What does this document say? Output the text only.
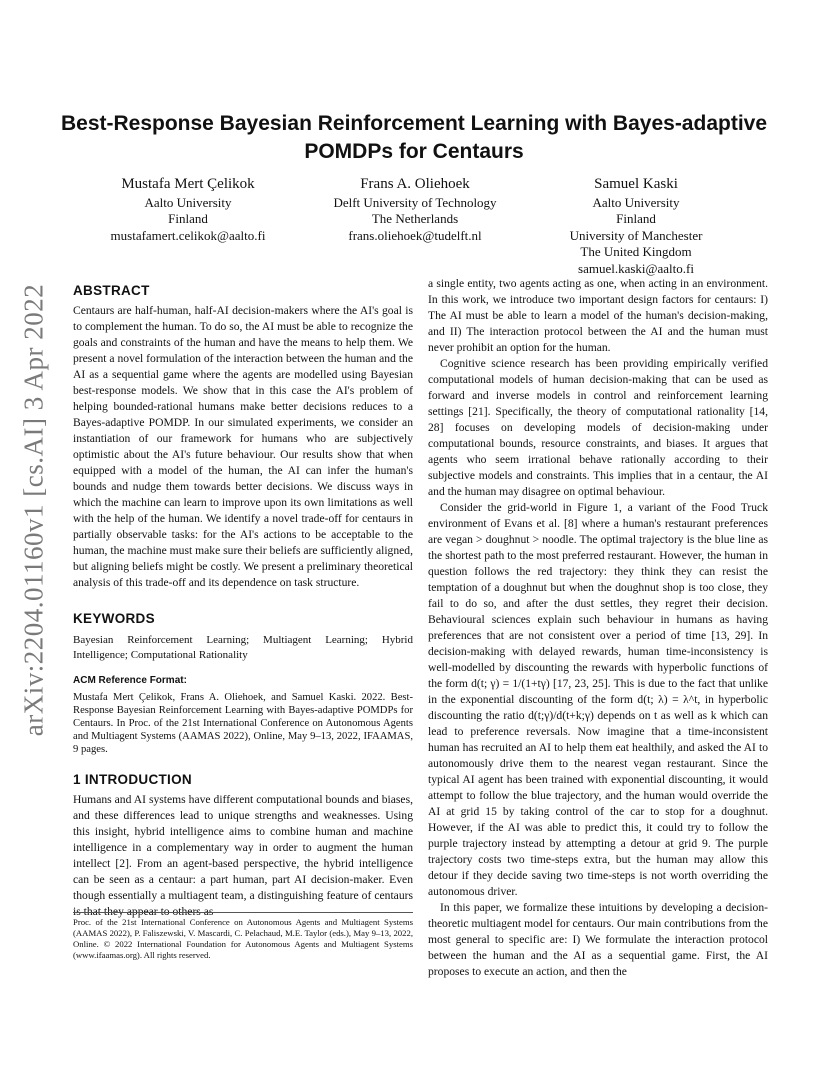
arXiv:2204.01160v1 [cs.AI] 3 Apr 2022
Best-Response Bayesian Reinforcement Learning with Bayes-adaptive POMDPs for Centaurs
Mustafa Mert Çelikok
Aalto University
Finland
mustafamert.celikok@aalto.fi
Frans A. Oliehoek
Delft University of Technology
The Netherlands
frans.oliehoek@tudelft.nl
Samuel Kaski
Aalto University
Finland
University of Manchester
The United Kingdom
samuel.kaski@aalto.fi
ABSTRACT

Centaurs are half-human, half-AI decision-makers where the AI's goal is to complement the human. To do so, the AI must be able to recognize the goals and constraints of the human and have the means to help them. We present a novel formulation of the interaction between the human and the AI as a sequential game where the agents are modelled using Bayesian best-response models. We show that in this case the AI's problem of helping bounded-rational humans make better decisions reduces to a Bayes-adaptive POMDP. In our simulated experiments, we consider an instantiation of our framework for humans who are subjectively optimistic about the AI's future behaviour. Our results show that when equipped with a model of the human, the AI can infer the human's bounds and nudge them towards better decisions. We discuss ways in which the machine can learn to improve upon its own limitations as well with the help of the human. We identify a novel trade-off for centaurs in partially observable tasks: for the AI's actions to be acceptable to the human, the machine must make sure their beliefs are sufficiently aligned, but aligning beliefs might be costly. We present a preliminary theoretical analysis of this trade-off and its dependence on task structure.

KEYWORDS

Bayesian Reinforcement Learning; Multiagent Learning; Hybrid Intelligence; Computational Rationality

ACM Reference Format:

Mustafa Mert Çelikok, Frans A. Oliehoek, and Samuel Kaski. 2022. Best-Response Bayesian Reinforcement Learning with Bayes-adaptive POMDPs for Centaurs. In Proc. of the 21st International Conference on Autonomous Agents and Multiagent Systems (AAMAS 2022), Online, May 9–13, 2022, IFAAMAS, 9 pages.

1 INTRODUCTION

Humans and AI systems have different computational bounds and biases, and these differences lead to unique strengths and weaknesses. Using this insight, hybrid intelligence aims to combine human and machine intelligence in a complementary way in order to augment the human intellect [2]. From an agent-based perspective, the hybrid intelligence can be seen as a centaur: a part human, part AI decision-maker. Even though essentially a multiagent team, a distinguishing feature of centaurs is that they appear to others as

Proc. of the 21st International Conference on Autonomous Agents and Multiagent Systems (AAMAS 2022), P. Faliszewski, V. Mascardi, C. Pelachaud, M.E. Taylor (eds.), May 9–13, 2022, Online. © 2022 International Foundation for Autonomous Agents and Multiagent Systems (www.ifaamas.org). All rights reserved.

a single entity, two agents acting as one, when acting in an environment. In this work, we introduce two important design factors for centaurs: I) The AI must be able to learn a model of the human's decision-making, and II) The interaction protocol between the AI and the human must never prohibit an option for the human.

Cognitive science research has been providing empirically verified computational models of human decision-making that can be used as forward and inverse models in control and reinforcement learning settings [21]. Specifically, the theory of computational rationality [14, 28] focuses on developing models of decision-making under computational bounds, resource constraints, and biases. It argues that agents who seem irrational behave rationally according to their subjective models and constraints. This implies that in a centaur, the AI and the human may disagree on optimal behaviour.

Consider the grid-world in Figure 1, a variant of the Food Truck environment of Evans et al. [8] where a human's restaurant preferences are vegan > doughnut > noodle. The optimal trajectory is the blue line as the shortest path to the most preferred restaurant. However, the human in question follows the red trajectory: they think they can resist the temptation of a doughnut but when the doughnut shop is too close, they fail to do so, and after the dust settles, they regret their decision. Behavioural sciences explain such behaviour in humans as having preferences that are not consistent over a period of time [13, 29]. In decision-making with delayed rewards, human time-inconsistency is well-modelled by discounting the rewards with hyperbolic functions of the form d(t; γ) = 1/(1+tγ) [17, 23, 25]. This is due to the fact that unlike in the exponential discounting of the form d(t; λ) = λ^t, in hyperbolic discounting the ratio d(t;γ)/d(t+k;γ) depends on t as well as k which can lead to preference reversals. Now imagine that a time-inconsistent human has recruited an AI to help them eat healthily, and asked the AI to autonomously drive them to the nearest vegan restaurant. Since the typical AI agent has been trained with exponential discounting, it would attempt to follow the blue trajectory, and the human would override the AI at grid 15 by taking control of the car to stop for a doughnut. However, if the AI was able to predict this, it could try to follow the purple trajectory instead by attempting a detour at grid 9. The purple trajectory costs two time-steps extra, but the human may allow this detour if they decide saving two time-steps is not worth overriding the autonomous driver.

In this paper, we formalize these intuitions by developing a decision-theoretic multiagent model for centaurs. Our main contributions from the most general to specific are: I) We formulate the interaction protocol between the human and the AI as a sequential game. First, the AI proposes to execute an action, and then the
